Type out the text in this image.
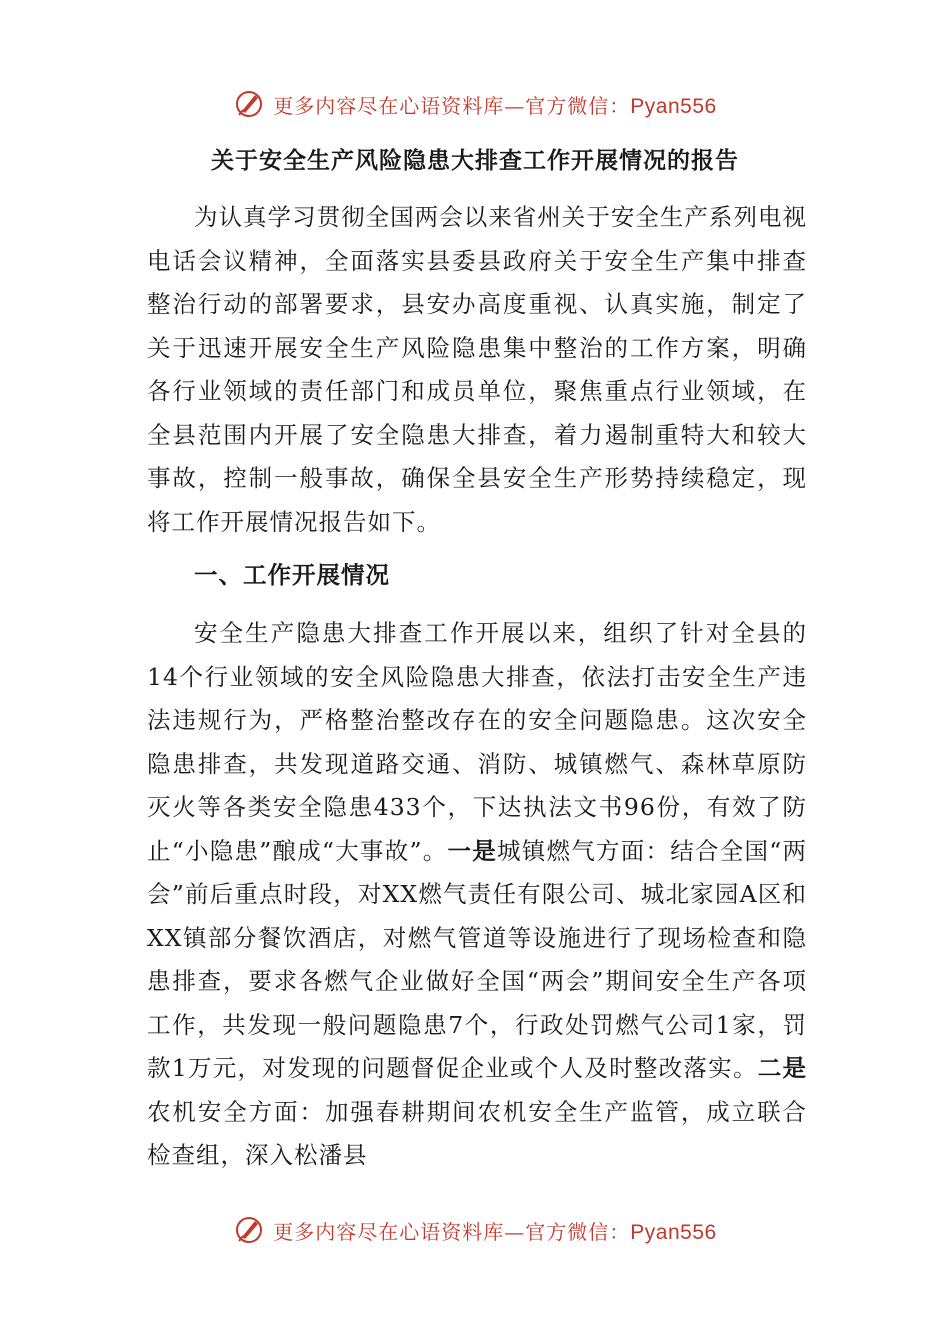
更多内容尽在心语资料库—官方微信：Pyan556
关于安全生产风险隐患大排查工作开展情况的报告

为认真学习贯彻全国两会以来省州关于安全生产系列电视电话会议精神，全面落实县委县政府关于安全生产集中排查整治行动的部署要求，县安办高度重视、认真实施，制定了关于迅速开展安全生产风险隐患集中整治的工作方案，明确各行业领域的责任部门和成员单位，聚焦重点行业领域，在全县范围内开展了安全隐患大排查，着力遏制重特大和较大事故，控制一般事故，确保全县安全生产形势持续稳定，现将工作开展情况报告如下。

一、工作开展情况

安全生产隐患大排查工作开展以来，组织了针对全县的14个行业领域的安全风险隐患大排查，依法打击安全生产违法违规行为，严格整治整改存在的安全问题隐患。这次安全隐患排查，共发现道路交通、消防、城镇燃气、森林草原防灭火等各类安全隐患433个，下达执法文书96份，有效了防止“小隐患”酿成“大事故”。一是城镇燃气方面：结合全国“两会”前后重点时段，对XX燃气责任有限公司、城北家园A区和XX镇部分餐饮酒店，对燃气管道等设施进行了现场检查和隐患排查，要求各燃气企业做好全国“两会”期间安全生产各项工作，共发现一般问题隐患7个，行政处罚燃气公司1家，罚款1万元，对发现的问题督促企业或个人及时整改落实。二是农机安全方面：加强春耕期间农机安全生产监管，成立联合检查组，深入松潘县

更多内容尽在心语资料库—官方微信：Pyan556
